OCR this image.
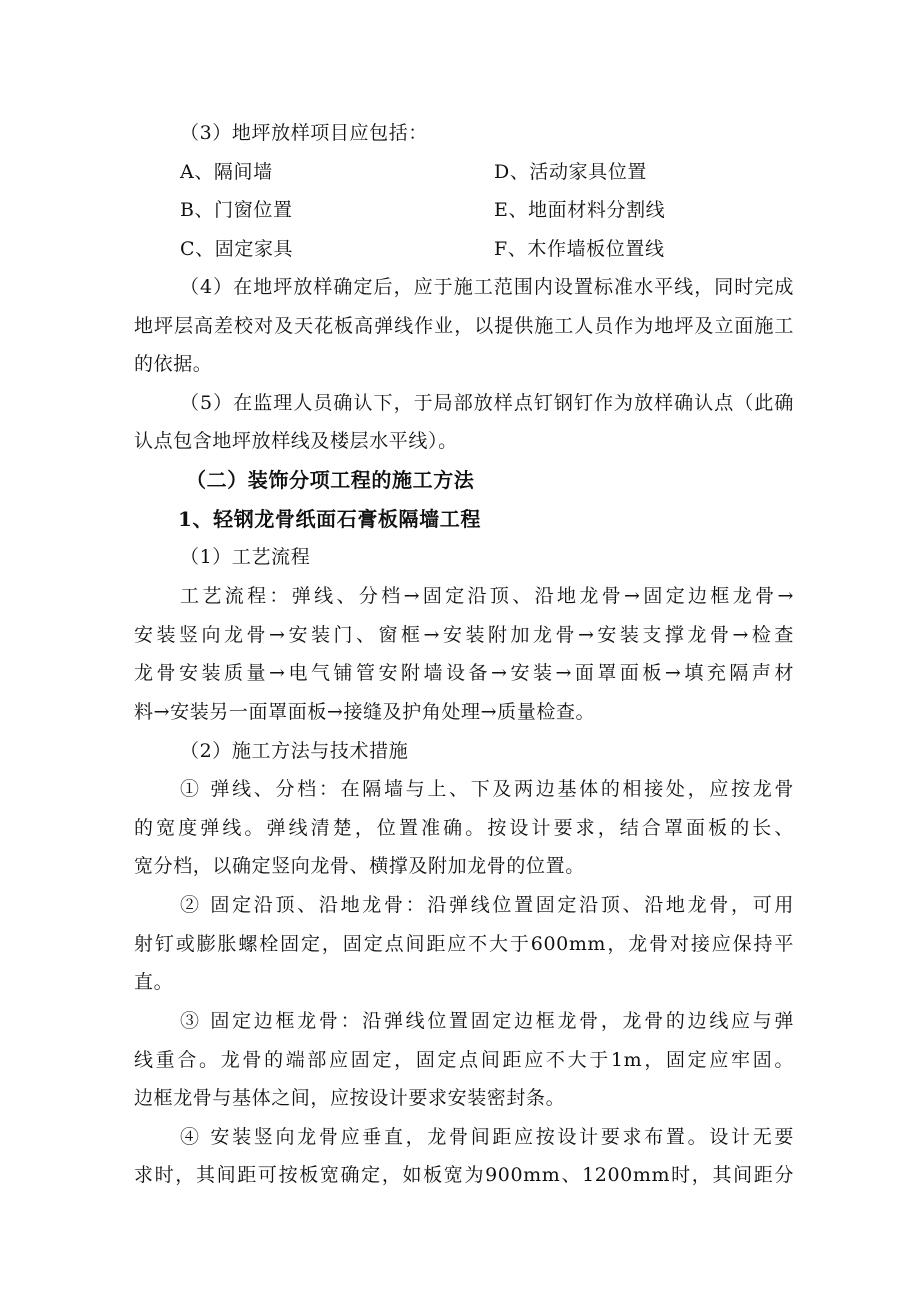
（3）地坪放样项目应包括：
A、隔间墙	D、活动家具位置
B、门窗位置	E、地面材料分割线
C、固定家具	F、木作墙板位置线
（4）在地坪放样确定后，应于施工范围内设置标准水平线，同时完成
地坪层高差校对及天花板高弹线作业，以提供施工人员作为地坪及立面施工
的依据。
（5）在监理人员确认下，于局部放样点钉钢钉作为放样确认点（此确
认点包含地坪放样线及楼层水平线）。
（二）装饰分项工程的施工方法
1、轻钢龙骨纸面石膏板隔墙工程
（1）工艺流程
工艺流程：弹线、分档→固定沿顶、沿地龙骨→固定边框龙骨→
安装竖向龙骨→安装门、窗框→安装附加龙骨→安装支撑龙骨→检查
龙骨安装质量→电气铺管安附墙设备→安装→面罩面板→填充隔声材
料→安装另一面罩面板→接缝及护角处理→质量检查。
（2）施工方法与技术措施
① 弹线、分档：在隔墙与上、下及两边基体的相接处，应按龙骨
的宽度弹线。弹线清楚，位置准确。按设计要求，结合罩面板的长、
宽分档，以确定竖向龙骨、横撑及附加龙骨的位置。
② 固定沿顶、沿地龙骨：沿弹线位置固定沿顶、沿地龙骨，可用
射钉或膨胀螺栓固定，固定点间距应不大于600mm，龙骨对接应保持平
直。
③ 固定边框龙骨：沿弹线位置固定边框龙骨，龙骨的边线应与弹
线重合。龙骨的端部应固定，固定点间距应不大于1m，固定应牢固。
边框龙骨与基体之间，应按设计要求安装密封条。
④ 安装竖向龙骨应垂直，龙骨间距应按设计要求布置。设计无要
求时，其间距可按板宽确定，如板宽为900mm、1200mm时，其间距分
